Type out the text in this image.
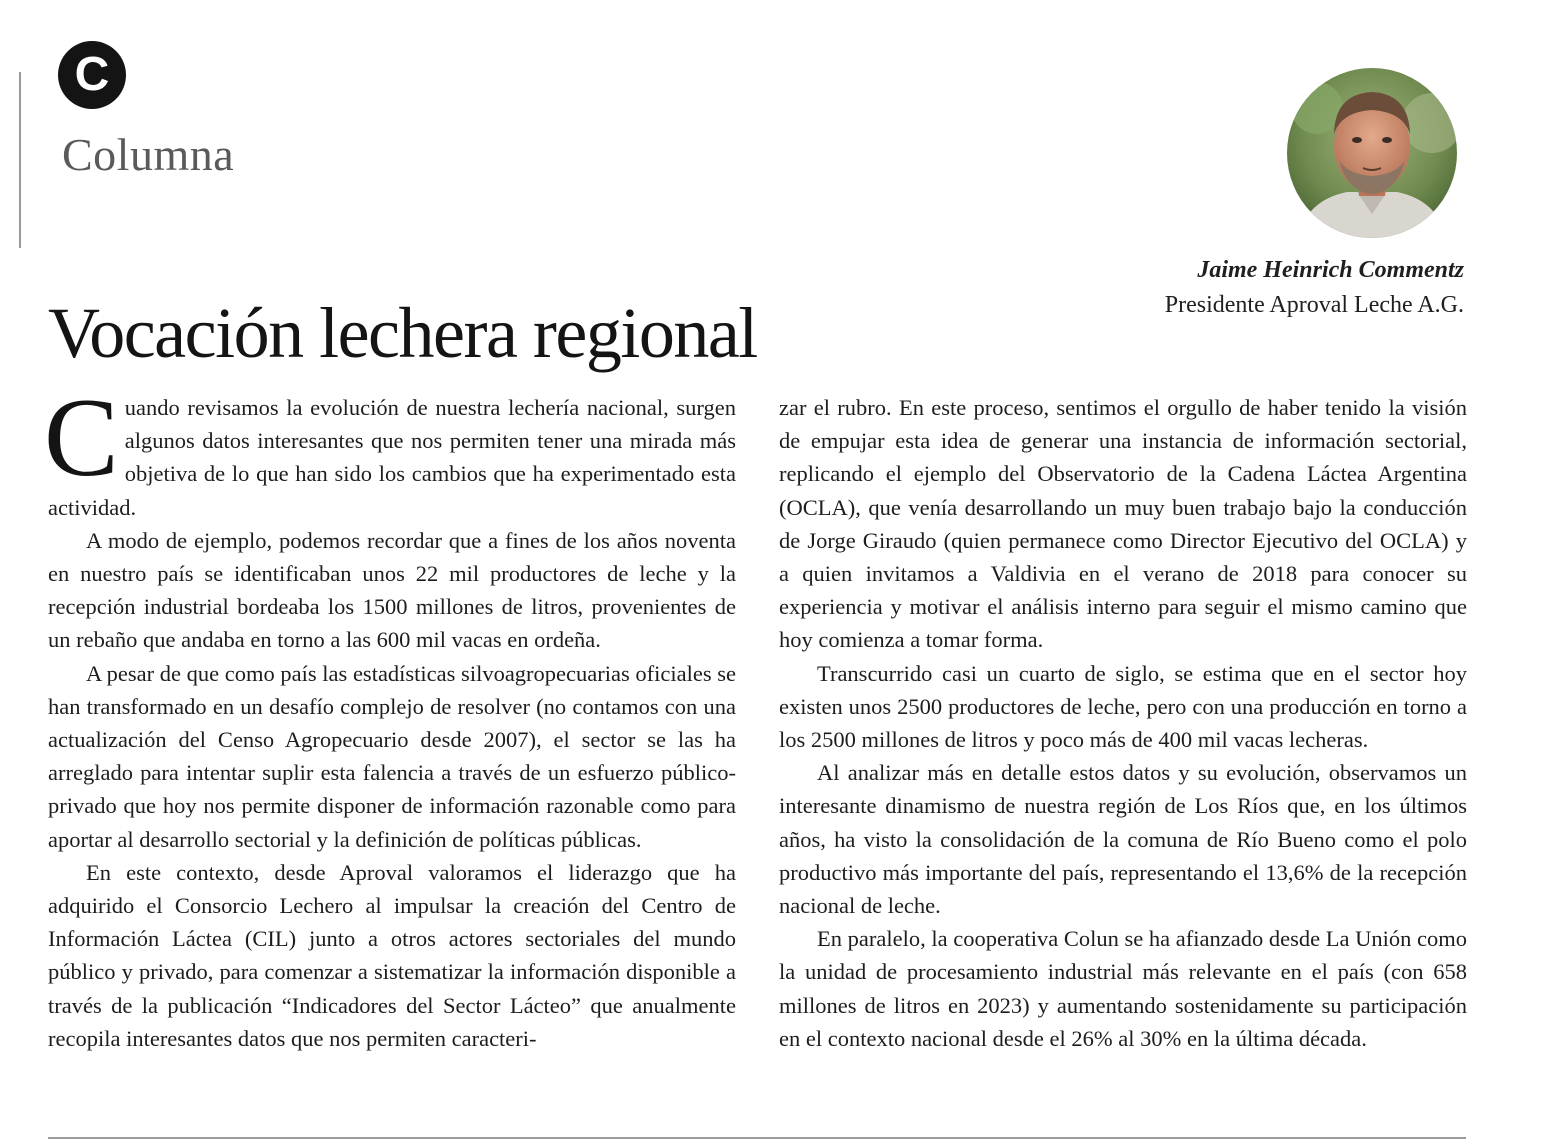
C
Columna
Jaime Heinrich Commentz
Presidente Aproval Leche A.G.
Vocación lechera regional

Cuando revisamos la evolución de nuestra lechería nacional, surgen algunos datos interesantes que nos permiten tener una mirada más objetiva de lo que han sido los cambios que ha experimentado esta actividad.

A modo de ejemplo, podemos recordar que a fines de los años noventa en nuestro país se identificaban unos 22 mil productores de leche y la recepción industrial bordeaba los 1500 millones de litros, provenientes de un rebaño que andaba en torno a las 600 mil vacas en ordeña.

A pesar de que como país las estadísticas silvoagropecuarias oficiales se han transformado en un desafío complejo de resolver (no contamos con una actualización del Censo Agropecuario desde 2007), el sector se las ha arreglado para intentar suplir esta falencia a través de un esfuerzo público-privado que hoy nos permite disponer de información razonable como para aportar al desarrollo sectorial y la definición de políticas públicas.

En este contexto, desde Aproval valoramos el liderazgo que ha adquirido el Consorcio Lechero al impulsar la creación del Centro de Información Láctea (CIL) junto a otros actores sectoriales del mundo público y privado, para comenzar a sistematizar la información disponible a través de la publicación “Indicadores del Sector Lácteo” que anualmente recopila interesantes datos que nos permiten caracteri-

zar el rubro. En este proceso, sentimos el orgullo de haber tenido la visión de empujar esta idea de generar una instancia de información sectorial, replicando el ejemplo del Observatorio de la Cadena Láctea Argentina (OCLA), que venía desarrollando un muy buen trabajo bajo la conducción de Jorge Giraudo (quien permanece como Director Ejecutivo del OCLA) y a quien invitamos a Valdivia en el verano de 2018 para conocer su experiencia y motivar el análisis interno para seguir el mismo camino que hoy comienza a tomar forma.

Transcurrido casi un cuarto de siglo, se estima que en el sector hoy existen unos 2500 productores de leche, pero con una producción en torno a los 2500 millones de litros y poco más de 400 mil vacas lecheras.

Al analizar más en detalle estos datos y su evolución, observamos un interesante dinamismo de nuestra región de Los Ríos que, en los últimos años, ha visto la consolidación de la comuna de Río Bueno como el polo productivo más importante del país, representando el 13,6% de la recepción nacional de leche.

En paralelo, la cooperativa Colun se ha afianzado desde La Unión como la unidad de procesamiento industrial más relevante en el país (con 658 millones de litros en 2023) y aumentando sostenidamente su participación en el contexto nacional desde el 26% al 30% en la última década.
